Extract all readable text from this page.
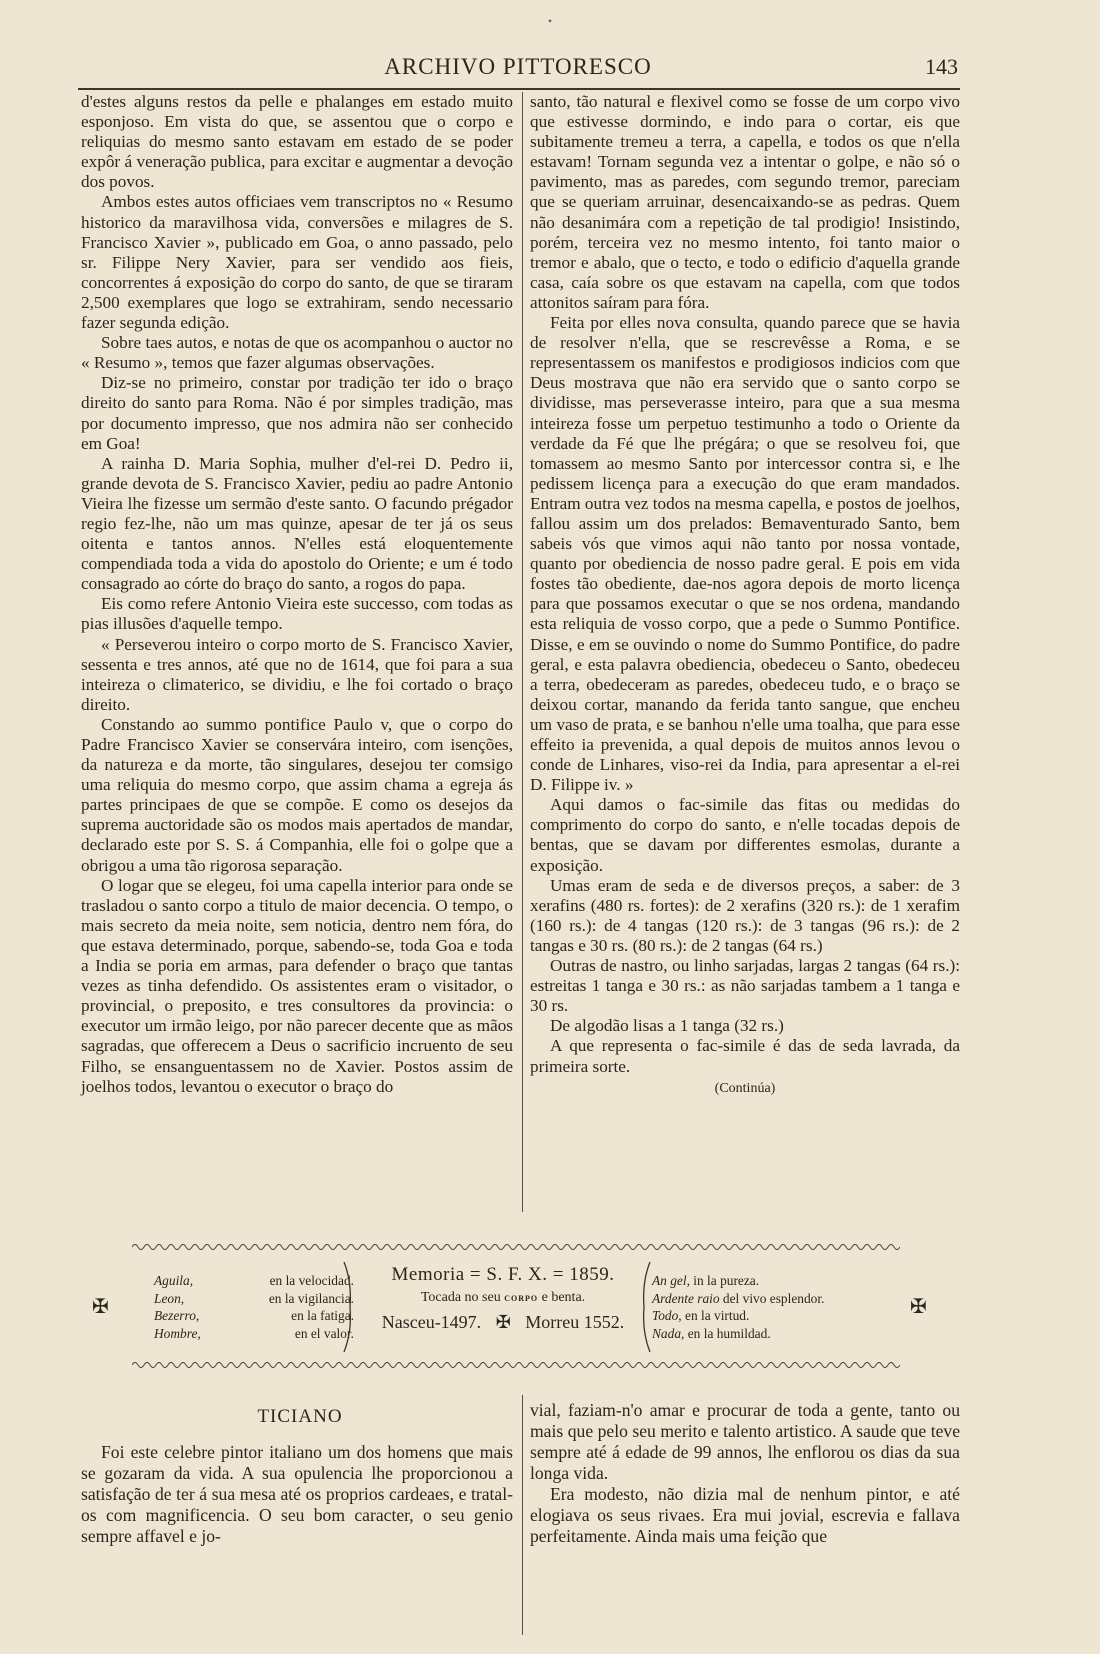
•
ARCHIVO PITTORESCO	143

d'estes alguns restos da pelle e phalanges em estado muito esponjoso. Em vista do que, se assentou que o corpo e reliquias do mesmo santo estavam em estado de se poder expôr á veneração publica, para excitar e augmentar a devoção dos povos.

Ambos estes autos officiaes vem transcriptos no « Resumo historico da maravilhosa vida, conversões e milagres de S. Francisco Xavier », publicado em Goa, o anno passado, pelo sr. Filippe Nery Xavier, para ser vendido aos fieis, concorrentes á exposição do corpo do santo, de que se tiraram 2,500 exemplares que logo se extrahiram, sendo necessario fazer segunda edição.

Sobre taes autos, e notas de que os acompanhou o auctor no « Resumo », temos que fazer algumas observações.

Diz-se no primeiro, constar por tradição ter ido o braço direito do santo para Roma. Não é por simples tradição, mas por documento impresso, que nos admira não ser conhecido em Goa!

A rainha D. Maria Sophia, mulher d'el-rei D. Pedro ii, grande devota de S. Francisco Xavier, pediu ao padre Antonio Vieira lhe fizesse um sermão d'este santo. O facundo prégador regio fez-lhe, não um mas quinze, apesar de ter já os seus oitenta e tantos annos. N'elles está eloquentemente compendiada toda a vida do apostolo do Oriente; e um é todo consagrado ao córte do braço do santo, a rogos do papa.

Eis como refere Antonio Vieira este successo, com todas as pias illusões d'aquelle tempo.

« Perseverou inteiro o corpo morto de S. Francisco Xavier, sessenta e tres annos, até que no de 1614, que foi para a sua inteireza o climaterico, se dividiu, e lhe foi cortado o braço direito.

Constando ao summo pontifice Paulo v, que o corpo do Padre Francisco Xavier se conservára inteiro, com isenções, da natureza e da morte, tão singulares, desejou ter comsigo uma reliquia do mesmo corpo, que assim chama a egreja ás partes principaes de que se compõe. E como os desejos da suprema auctoridade são os modos mais apertados de mandar, declarado este por S. S. á Companhia, elle foi o golpe que a obrigou a uma tão rigorosa separação.

O logar que se elegeu, foi uma capella interior para onde se trasladou o santo corpo a titulo de maior decencia. O tempo, o mais secreto da meia noite, sem noticia, dentro nem fóra, do que estava determinado, porque, sabendo-se, toda Goa e toda a India se poria em armas, para defender o braço que tantas vezes as tinha defendido. Os assistentes eram o visitador, o provincial, o preposito, e tres consultores da provincia: o executor um irmão leigo, por não parecer decente que as mãos sagradas, que offerecem a Deus o sacrificio incruento de seu Filho, se ensanguentassem no de Xavier. Postos assim de joelhos todos, levantou o executor o braço do

santo, tão natural e flexivel como se fosse de um corpo vivo que estivesse dormindo, e indo para o cortar, eis que subitamente tremeu a terra, a capella, e todos os que n'ella estavam! Tornam segunda vez a intentar o golpe, e não só o pavimento, mas as paredes, com segundo tremor, pareciam que se queriam arruinar, desencaixando-se as pedras. Quem não desanimára com a repetição de tal prodigio! Insistindo, porém, terceira vez no mesmo intento, foi tanto maior o tremor e abalo, que o tecto, e todo o edificio d'aquella grande casa, caía sobre os que estavam na capella, com que todos attonitos saíram para fóra.

Feita por elles nova consulta, quando parece que se havia de resolver n'ella, que se rescrevêsse a Roma, e se representassem os manifestos e prodigiosos indicios com que Deus mostrava que não era servido que o santo corpo se dividisse, mas perseverasse inteiro, para que a sua mesma inteireza fosse um perpetuo testimunho a todo o Oriente da verdade da Fé que lhe prégára; o que se resolveu foi, que tomassem ao mesmo Santo por intercessor contra si, e lhe pedissem licença para a execução do que eram mandados. Entram outra vez todos na mesma capella, e postos de joelhos, fallou assim um dos prelados: Bemaventurado Santo, bem sabeis vós que vimos aqui não tanto por nossa vontade, quanto por obediencia de nosso padre geral. E pois em vida fostes tão obediente, dae-nos agora depois de morto licença para que possamos executar o que se nos ordena, mandando esta reliquia de vosso corpo, que a pede o Summo Pontifice. Disse, e em se ouvindo o nome do Summo Pontifice, do padre geral, e esta palavra obediencia, obedeceu o Santo, obedeceu a terra, obedeceram as paredes, obedeceu tudo, e o braço se deixou cortar, manando da ferida tanto sangue, que encheu um vaso de prata, e se banhou n'elle uma toalha, que para esse effeito ia prevenida, a qual depois de muitos annos levou o conde de Linhares, viso-rei da India, para apresentar a el-rei D. Filippe iv. »

Aqui damos o fac-simile das fitas ou medidas do comprimento do corpo do santo, e n'elle tocadas depois de bentas, que se davam por differentes esmolas, durante a exposição.

Umas eram de seda e de diversos preços, a saber: de 3 xerafins (480 rs. fortes): de 2 xerafins (320 rs.): de 1 xerafim (160 rs.): de 4 tangas (120 rs.): de 3 tangas (96 rs.): de 2 tangas e 30 rs. (80 rs.): de 2 tangas (64 rs.)

Outras de nastro, ou linho sarjadas, largas 2 tangas (64 rs.): estreitas 1 tanga e 30 rs.: as não sarjadas tambem a 1 tanga e 30 rs.

De algodão lisas a 1 tanga (32 rs.)

A que representa o fac-simile é das de seda lavrada, da primeira sorte.

(Continúa)

✠	✠
Aguila,	en la velocidad.
Leon,	en la vigilancia.
Bezerro,	en la fatiga.
Hombre,	en el valor.
Memoria = S. F. X. = 1859.
Tocada no seu corpo e benta.
Nasceu-1497. ✠ Morreu 1552.
An gel, in la pureza.
Ardente raio del vivo esplendor.
Todo, en la virtud.
Nada, en la humildad.
TICIANO

Foi este celebre pintor italiano um dos homens que mais se gozaram da vida. A sua opulencia lhe proporcionou a satisfação de ter á sua mesa até os proprios cardeaes, e tratal-os com magnificencia. O seu bom caracter, o seu genio sempre affavel e jo-

vial, faziam-n'o amar e procurar de toda a gente, tanto ou mais que pelo seu merito e talento artistico. A saude que teve sempre até á edade de 99 annos, lhe enflorou os dias da sua longa vida.

Era modesto, não dizia mal de nenhum pintor, e até elogiava os seus rivaes. Era mui jovial, escrevia e fallava perfeitamente. Ainda mais uma feição que
